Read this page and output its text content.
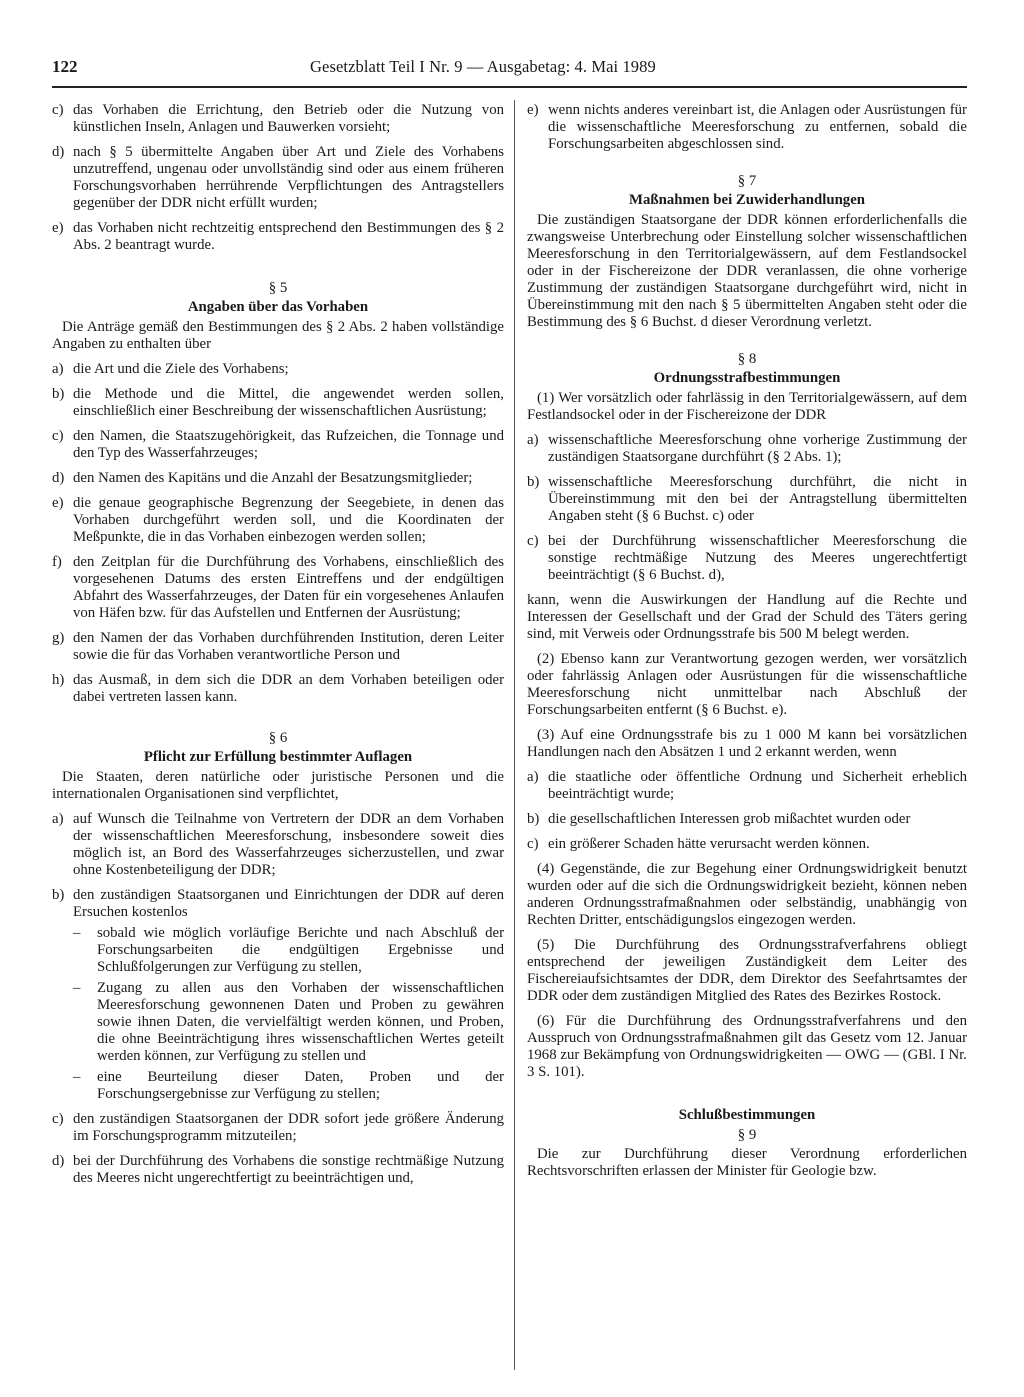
122	Gesetzblatt Teil I Nr. 9 — Ausgabetag: 4. Mai 1989
c) das Vorhaben die Errichtung, den Betrieb oder die Nutzung von künstlichen Inseln, Anlagen und Bauwerken vorsieht;
d) nach § 5 übermittelte Angaben über Art und Ziele des Vorhabens unzutreffend, ungenau oder unvollständig sind oder aus einem früheren Forschungsvorhaben herrührende Verpflichtungen des Antragstellers gegenüber der DDR nicht erfüllt wurden;
e) das Vorhaben nicht rechtzeitig entsprechend den Bestimmungen des § 2 Abs. 2 beantragt wurde.
§ 5
Angaben über das Vorhaben

Die Anträge gemäß den Bestimmungen des § 2 Abs. 2 haben vollständige Angaben zu enthalten über

a) die Art und die Ziele des Vorhabens;
b) die Methode und die Mittel, die angewendet werden sollen, einschließlich einer Beschreibung der wissenschaftlichen Ausrüstung;
c) den Namen, die Staatszugehörigkeit, das Rufzeichen, die Tonnage und den Typ des Wasserfahrzeuges;
d) den Namen des Kapitäns und die Anzahl der Besatzungsmitglieder;
e) die genaue geographische Begrenzung der Seegebiete, in denen das Vorhaben durchgeführt werden soll, und die Koordinaten der Meßpunkte, die in das Vorhaben einbezogen werden sollen;
f) den Zeitplan für die Durchführung des Vorhabens, einschließlich des vorgesehenen Datums des ersten Eintreffens und der endgültigen Abfahrt des Wasserfahrzeuges, der Daten für ein vorgesehenes Anlaufen von Häfen bzw. für das Aufstellen und Entfernen der Ausrüstung;
g) den Namen der das Vorhaben durchführenden Institution, deren Leiter sowie die für das Vorhaben verantwortliche Person und
h) das Ausmaß, in dem sich die DDR an dem Vorhaben beteiligen oder dabei vertreten lassen kann.
§ 6
Pflicht zur Erfüllung bestimmter Auflagen

Die Staaten, deren natürliche oder juristische Personen und die internationalen Organisationen sind verpflichtet,

a) auf Wunsch die Teilnahme von Vertretern der DDR an dem Vorhaben der wissenschaftlichen Meeresforschung, insbesondere soweit dies möglich ist, an Bord des Wasserfahrzeuges sicherzustellen, und zwar ohne Kostenbeteiligung der DDR;
b) den zuständigen Staatsorganen und Einrichtungen der DDR auf deren Ersuchen kostenlos
– sobald wie möglich vorläufige Berichte und nach Abschluß der Forschungsarbeiten die endgültigen Ergebnisse und Schlußfolgerungen zur Verfügung zu stellen,
– Zugang zu allen aus den Vorhaben der wissenschaftlichen Meeresforschung gewonnenen Daten und Proben zu gewähren sowie ihnen Daten, die vervielfältigt werden können, und Proben, die ohne Beeinträchtigung ihres wissenschaftlichen Wertes geteilt werden können, zur Verfügung zu stellen und
– eine Beurteilung dieser Daten, Proben und der Forschungsergebnisse zur Verfügung zu stellen;
c) den zuständigen Staatsorganen der DDR sofort jede größere Änderung im Forschungsprogramm mitzuteilen;
d) bei der Durchführung des Vorhabens die sonstige rechtmäßige Nutzung des Meeres nicht ungerechtfertigt zu beeinträchtigen und,
e) wenn nichts anderes vereinbart ist, die Anlagen oder Ausrüstungen für die wissenschaftliche Meeresforschung zu entfernen, sobald die Forschungsarbeiten abgeschlossen sind.
§ 7
Maßnahmen bei Zuwiderhandlungen

Die zuständigen Staatsorgane der DDR können erforderlichenfalls die zwangsweise Unterbrechung oder Einstellung solcher wissenschaftlichen Meeresforschung in den Territorialgewässern, auf dem Festlandsockel oder in der Fischereizone der DDR veranlassen, die ohne vorherige Zustimmung der zuständigen Staatsorgane durchgeführt wird, nicht in Übereinstimmung mit den nach § 5 übermittelten Angaben steht oder die Bestimmung des § 6 Buchst. d dieser Verordnung verletzt.

§ 8
Ordnungsstrafbestimmungen

(1) Wer vorsätzlich oder fahrlässig in den Territorialgewässern, auf dem Festlandsockel oder in der Fischereizone der DDR

a) wissenschaftliche Meeresforschung ohne vorherige Zustimmung der zuständigen Staatsorgane durchführt (§ 2 Abs. 1);
b) wissenschaftliche Meeresforschung durchführt, die nicht in Übereinstimmung mit den bei der Antragstellung übermittelten Angaben steht (§ 6 Buchst. c) oder
c) bei der Durchführung wissenschaftlicher Meeresforschung die sonstige rechtmäßige Nutzung des Meeres ungerechtfertigt beeinträchtigt (§ 6 Buchst. d),

kann, wenn die Auswirkungen der Handlung auf die Rechte und Interessen der Gesellschaft und der Grad der Schuld des Täters gering sind, mit Verweis oder Ordnungsstrafe bis 500 M belegt werden.

(2) Ebenso kann zur Verantwortung gezogen werden, wer vorsätzlich oder fahrlässig Anlagen oder Ausrüstungen für die wissenschaftliche Meeresforschung nicht unmittelbar nach Abschluß der Forschungsarbeiten entfernt (§ 6 Buchst. e).

(3) Auf eine Ordnungsstrafe bis zu 1 000 M kann bei vorsätzlichen Handlungen nach den Absätzen 1 und 2 erkannt werden, wenn

a) die staatliche oder öffentliche Ordnung und Sicherheit erheblich beeinträchtigt wurde;
b) die gesellschaftlichen Interessen grob mißachtet wurden oder
c) ein größerer Schaden hätte verursacht werden können.

(4) Gegenstände, die zur Begehung einer Ordnungswidrigkeit benutzt wurden oder auf die sich die Ordnungswidrigkeit bezieht, können neben anderen Ordnungsstrafmaßnahmen oder selbständig, unabhängig von Rechten Dritter, entschädigungslos eingezogen werden.

(5) Die Durchführung des Ordnungsstrafverfahrens obliegt entsprechend der jeweiligen Zuständigkeit dem Leiter des Fischereiaufsichtsamtes der DDR, dem Direktor des Seefahrtsamtes der DDR oder dem zuständigen Mitglied des Rates des Bezirkes Rostock.

(6) Für die Durchführung des Ordnungsstrafverfahrens und den Ausspruch von Ordnungsstrafmaßnahmen gilt das Gesetz vom 12. Januar 1968 zur Bekämpfung von Ordnungswidrigkeiten — OWG — (GBl. I Nr. 3 S. 101).

Schlußbestimmungen
§ 9

Die zur Durchführung dieser Verordnung erforderlichen Rechtsvorschriften erlassen der Minister für Geologie bzw.
